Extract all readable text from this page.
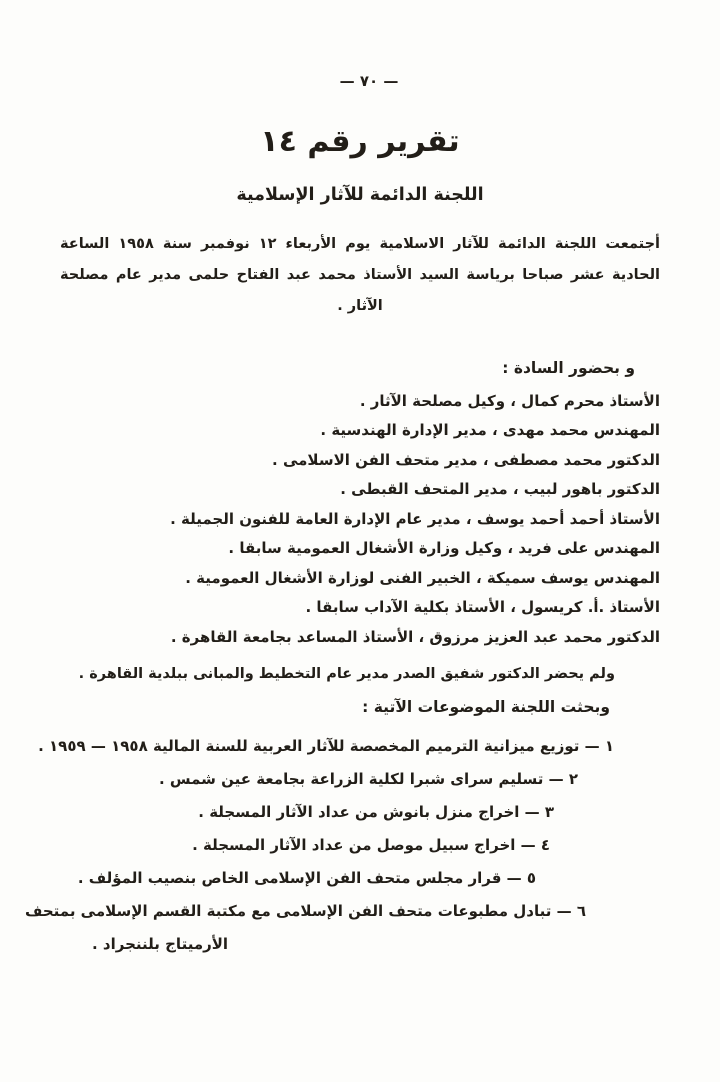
— ٧٠ —
تقرير رقم ١٤
اللجنة الدائمة للآثار الإسلامية

أجتمعت اللجنة الدائمة للآثار الاسلامية يوم الأربعاء ١٢ نوفمبر سنة ١٩٥٨ الساعة الحادية عشر صباحا برياسة السيد الأستاذ محمد عبد الفتاح حلمى مدير عام مصلحة الآثار .

و بحضور السادة :
الأستاذ محرم كمال ، وكيل مصلحة الآثار .
المهندس محمد مهدى ، مدير الإدارة الهندسية .
الدكتور محمد مصطفى ، مدير متحف الفن الاسلامى .
الدكتور باهور لبيب ، مدير المتحف القبطى .
الأستاذ أحمد أحمد يوسف ، مدير عام الإدارة العامة للفنون الجميلة .
المهندس على فريد ، وكيل وزارة الأشغال العمومية سابقا .
المهندس يوسف سميكة ، الخبير الفنى لوزارة الأشغال العمومية .
الأستاذ .أ. كريسول ، الأستاذ بكلية الآداب سابقا .
الدكتور محمد عبد العزيز مرزوق ، الأستاذ المساعد بجامعة القاهرة .
ولم يحضر الدكتور شفيق الصدر مدير عام التخطيط والمبانى ببلدية القاهرة .
وبحثت اللجنة الموضوعات الآتية :
١ — توزيع ميزانية الترميم المخصصة للآثار العربية للسنة المالية ١٩٥٨ — ١٩٥٩ .
٢ — تسليم سراى شبرا لكلية الزراعة بجامعة عين شمس .
٣ — اخراج منزل بانوش من عداد الآثار المسجلة .
٤ — اخراج سبيل موصل من عداد الآثار المسجلة .
٥ — قرار مجلس متحف الفن الإسلامى الخاص بنصيب المؤلف .
٦ — تبادل مطبوعات متحف الفن الإسلامى مع مكتبة القسم الإسلامى بمتحف
الأرميتاج بلننجراد .
